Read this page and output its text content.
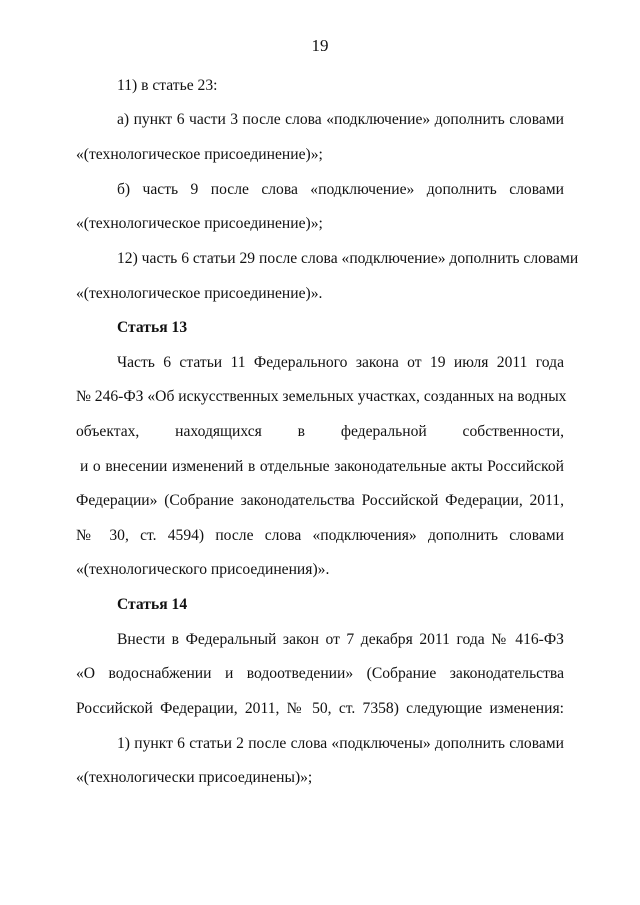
19
11) в статье 23:
а) пункт 6 части 3 после слова «подключение» дополнить словами
«(технологическое присоединение)»;
б) часть 9 после слова «подключение» дополнить словами
«(технологическое присоединение)»;
12) часть 6 статьи 29 после слова «подключение» дополнить словами
«(технологическое присоединение)».
Статья 13
Часть 6 статьи 11 Федерального закона от 19 июля 2011 года
№ 246-ФЗ «Об искусственных земельных участках, созданных на водных
объектах, находящихся в федеральной собственности,
и о внесении изменений в отдельные законодательные акты Российской
Федерации» (Собрание законодательства Российской Федерации, 2011,
№ 30, ст. 4594) после слова «подключения» дополнить словами
«(технологического присоединения)».
Статья 14
Внести в Федеральный закон от 7 декабря 2011 года № 416-ФЗ
«О водоснабжении и водоотведении» (Собрание законодательства
Российской Федерации, 2011, № 50, ст. 7358) следующие изменения:
1) пункт 6 статьи 2 после слова «подключены» дополнить словами
«(технологически присоединены)»;
